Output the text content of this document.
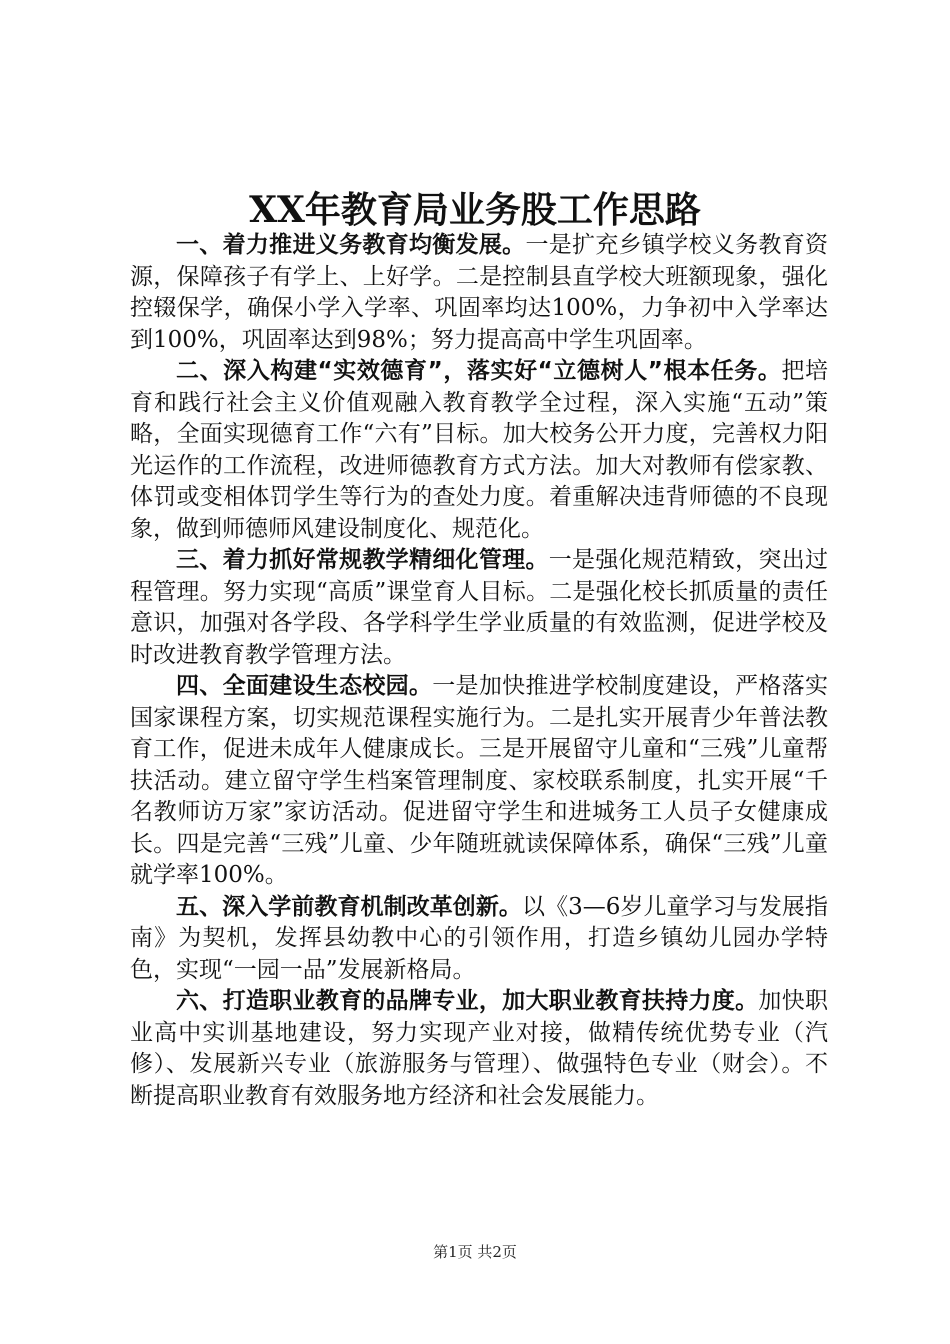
XX年教育局业务股工作思路

一、着力推进义务教育均衡发展。一是扩充乡镇学校义务教育资源，保障孩子有学上、上好学。二是控制县直学校大班额现象，强化控辍保学，确保小学入学率、巩固率均达100%，力争初中入学率达到100%，巩固率达到98%；努力提高高中学生巩固率。

二、深入构建“实效德育”，落实好“立德树人”根本任务。把培育和践行社会主义价值观融入教育教学全过程，深入实施“五动”策略，全面实现德育工作“六有”目标。加大校务公开力度，完善权力阳光运作的工作流程，改进师德教育方式方法。加大对教师有偿家教、体罚或变相体罚学生等行为的查处力度。着重解决违背师德的不良现象，做到师德师风建设制度化、规范化。

三、着力抓好常规教学精细化管理。一是强化规范精致，突出过程管理。努力实现“高质”课堂育人目标。二是强化校长抓质量的责任意识，加强对各学段、各学科学生学业质量的有效监测，促进学校及时改进教育教学管理方法。

四、全面建设生态校园。一是加快推进学校制度建设，严格落实国家课程方案，切实规范课程实施行为。二是扎实开展青少年普法教育工作，促进未成年人健康成长。三是开展留守儿童和“三残”儿童帮扶活动。建立留守学生档案管理制度、家校联系制度，扎实开展“千名教师访万家”家访活动。促进留守学生和进城务工人员子女健康成长。四是完善“三残”儿童、少年随班就读保障体系，确保“三残”儿童就学率100%。

五、深入学前教育机制改革创新。以《3—6岁儿童学习与发展指南》为契机，发挥县幼教中心的引领作用，打造乡镇幼儿园办学特色，实现“一园一品”发展新格局。

六、打造职业教育的品牌专业，加大职业教育扶持力度。加快职业高中实训基地建设，努力实现产业对接，做精传统优势专业（汽修）、发展新兴专业（旅游服务与管理）、做强特色专业（财会）。不断提高职业教育有效服务地方经济和社会发展能力。

第1页 共2页
